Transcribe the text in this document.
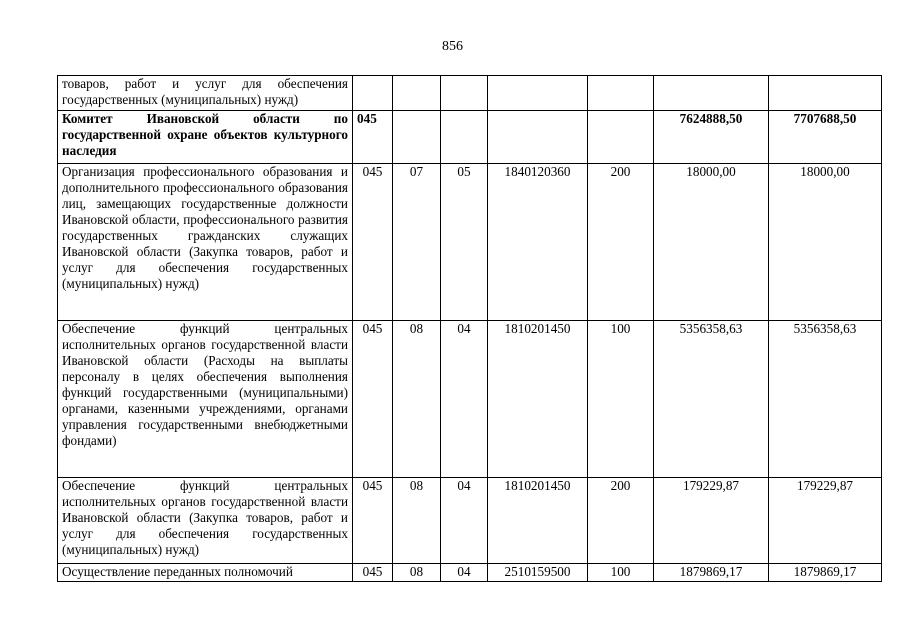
856
товаров, работ и услуг для обеспечения государственных (муниципальных) нужд)							
Комитет Ивановской области по государственной охране объектов культурного наследия	045					7624888,50	7707688,50
Организация профессионального образования и дополнительного профессионального образования лиц, замещающих государственные должности Ивановской области, профессионального развития государственных гражданских служащих Ивановской области (Закупка товаров, работ и услуг для обеспечения государственных (муниципальных) нужд)	045	07	05	1840120360	200	18000,00	18000,00
Обеспечение функций центральных исполнительных органов государственной власти Ивановской области (Расходы на выплаты персоналу в целях обеспечения выполнения функций государственными (муниципальными) органами, казенными учреждениями, органами управления государственными внебюджетными фондами)	045	08	04	1810201450	100	5356358,63	5356358,63
Обеспечение функций центральных исполнительных органов государственной власти Ивановской области (Закупка товаров, работ и услуг для обеспечения государственных (муниципальных) нужд)	045	08	04	1810201450	200	179229,87	179229,87
Осуществление переданных полномочий	045	08	04	2510159500	100	1879869,17	1879869,17
